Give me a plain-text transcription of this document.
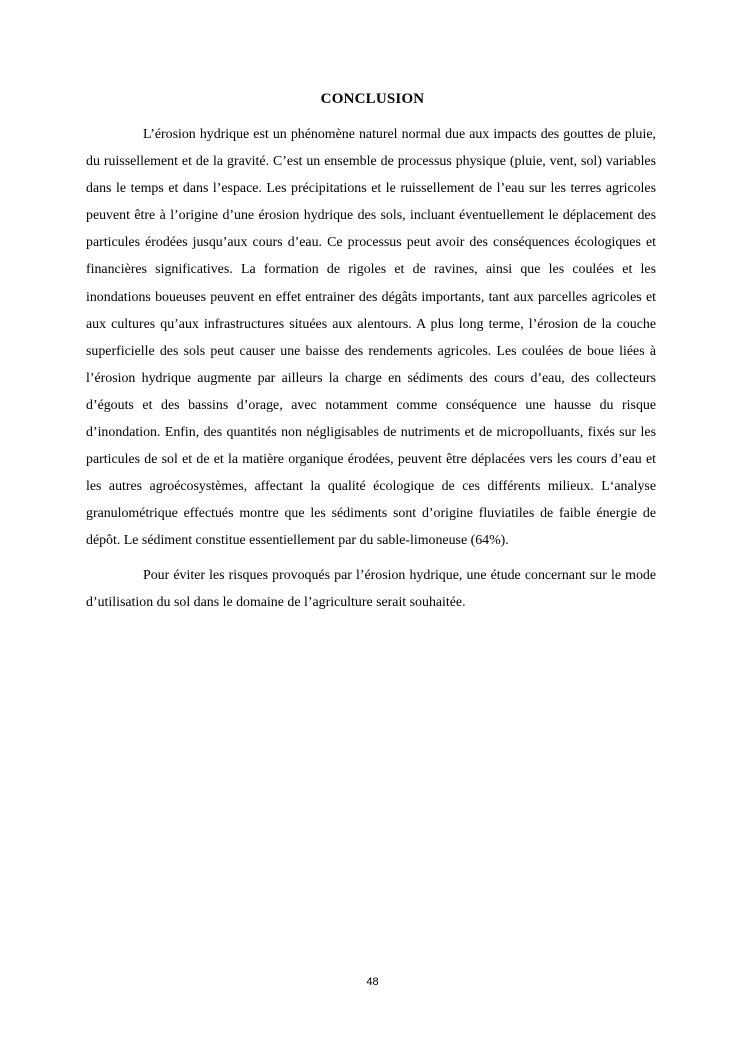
CONCLUSION

L’érosion hydrique est un phénomène naturel normal due aux impacts des gouttes de pluie, du ruissellement et de la gravité. C’est un ensemble de processus physique (pluie, vent, sol) variables dans le temps et dans l’espace. Les précipitations et le ruissellement de l’eau sur les terres agricoles peuvent être à l’origine d’une érosion hydrique des sols, incluant éventuellement le déplacement des particules érodées jusqu’aux cours d’eau. Ce processus peut avoir des conséquences écologiques et financières significatives. La formation de rigoles et de ravines, ainsi que les coulées et les inondations boueuses peuvent en effet entrainer des dégâts importants, tant aux parcelles agricoles et aux cultures qu’aux infrastructures situées aux alentours. A plus long terme, l’érosion de la couche superficielle des sols peut causer une baisse des rendements agricoles. Les coulées de boue liées à l’érosion hydrique augmente par ailleurs la charge en sédiments des cours d’eau, des collecteurs d’égouts et des bassins d’orage, avec notamment comme conséquence une hausse du risque d’inondation. Enfin, des quantités non négligisables de nutriments et de micropolluants, fixés sur les particules de sol et de et la matière organique érodées, peuvent être déplacées vers les cours d’eau et les autres agroécosystèmes, affectant la qualité écologique de ces différents milieux. L‘analyse granulométrique effectués montre que les sédiments sont d’origine fluviatiles de faible énergie de dépôt. Le sédiment constitue essentiellement par du sable-limoneuse (64%).

Pour éviter les risques provoqués par l’érosion hydrique, une étude concernant sur le mode d’utilisation du sol dans le domaine de l’agriculture serait souhaitée.

48
